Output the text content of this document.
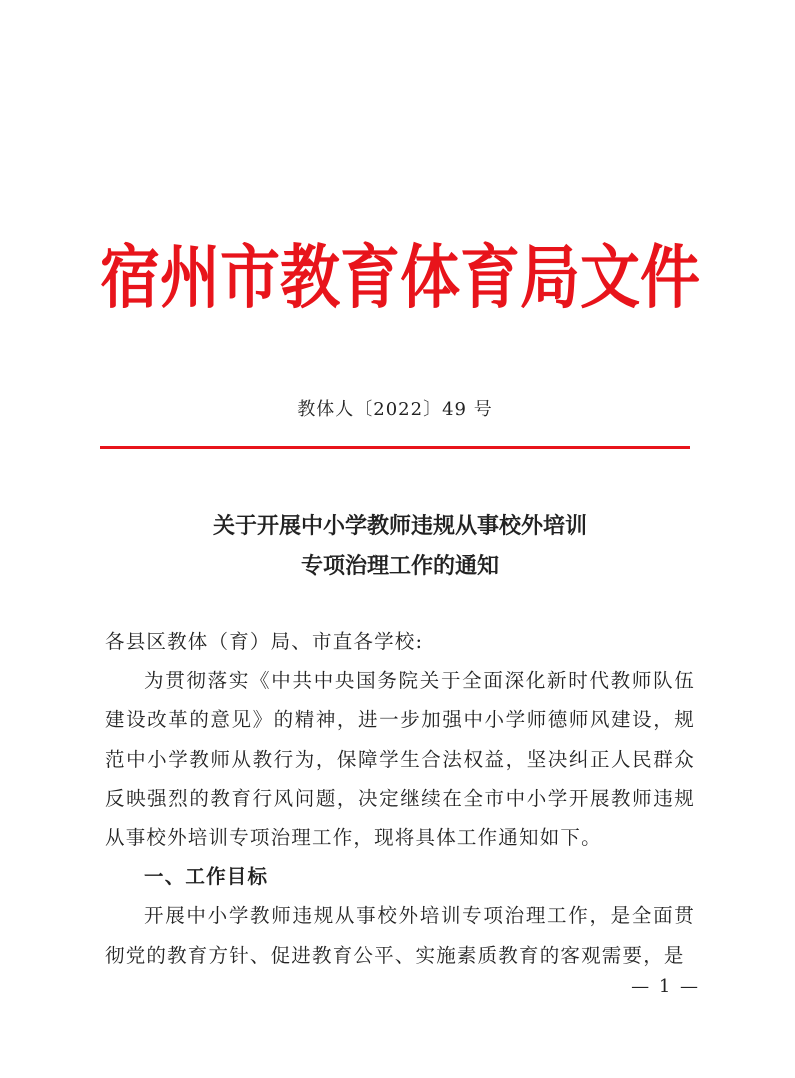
宿州市教育体育局文件
教体人〔2022〕49 号
关于开展中小学教师违规从事校外培训
专项治理工作的通知

各县区教体（育）局、市直各学校:

为贯彻落实《中共中央国务院关于全面深化新时代教师队伍建设改革的意见》的精神，进一步加强中小学师德师风建设，规范中小学教师从教行为，保障学生合法权益，坚决纠正人民群众反映强烈的教育行风问题，决定继续在全市中小学开展教师违规从事校外培训专项治理工作，现将具体工作通知如下。

一、工作目标

开展中小学教师违规从事校外培训专项治理工作，是全面贯彻党的教育方针、促进教育公平、实施素质教育的客观需要，是

— 1 —
